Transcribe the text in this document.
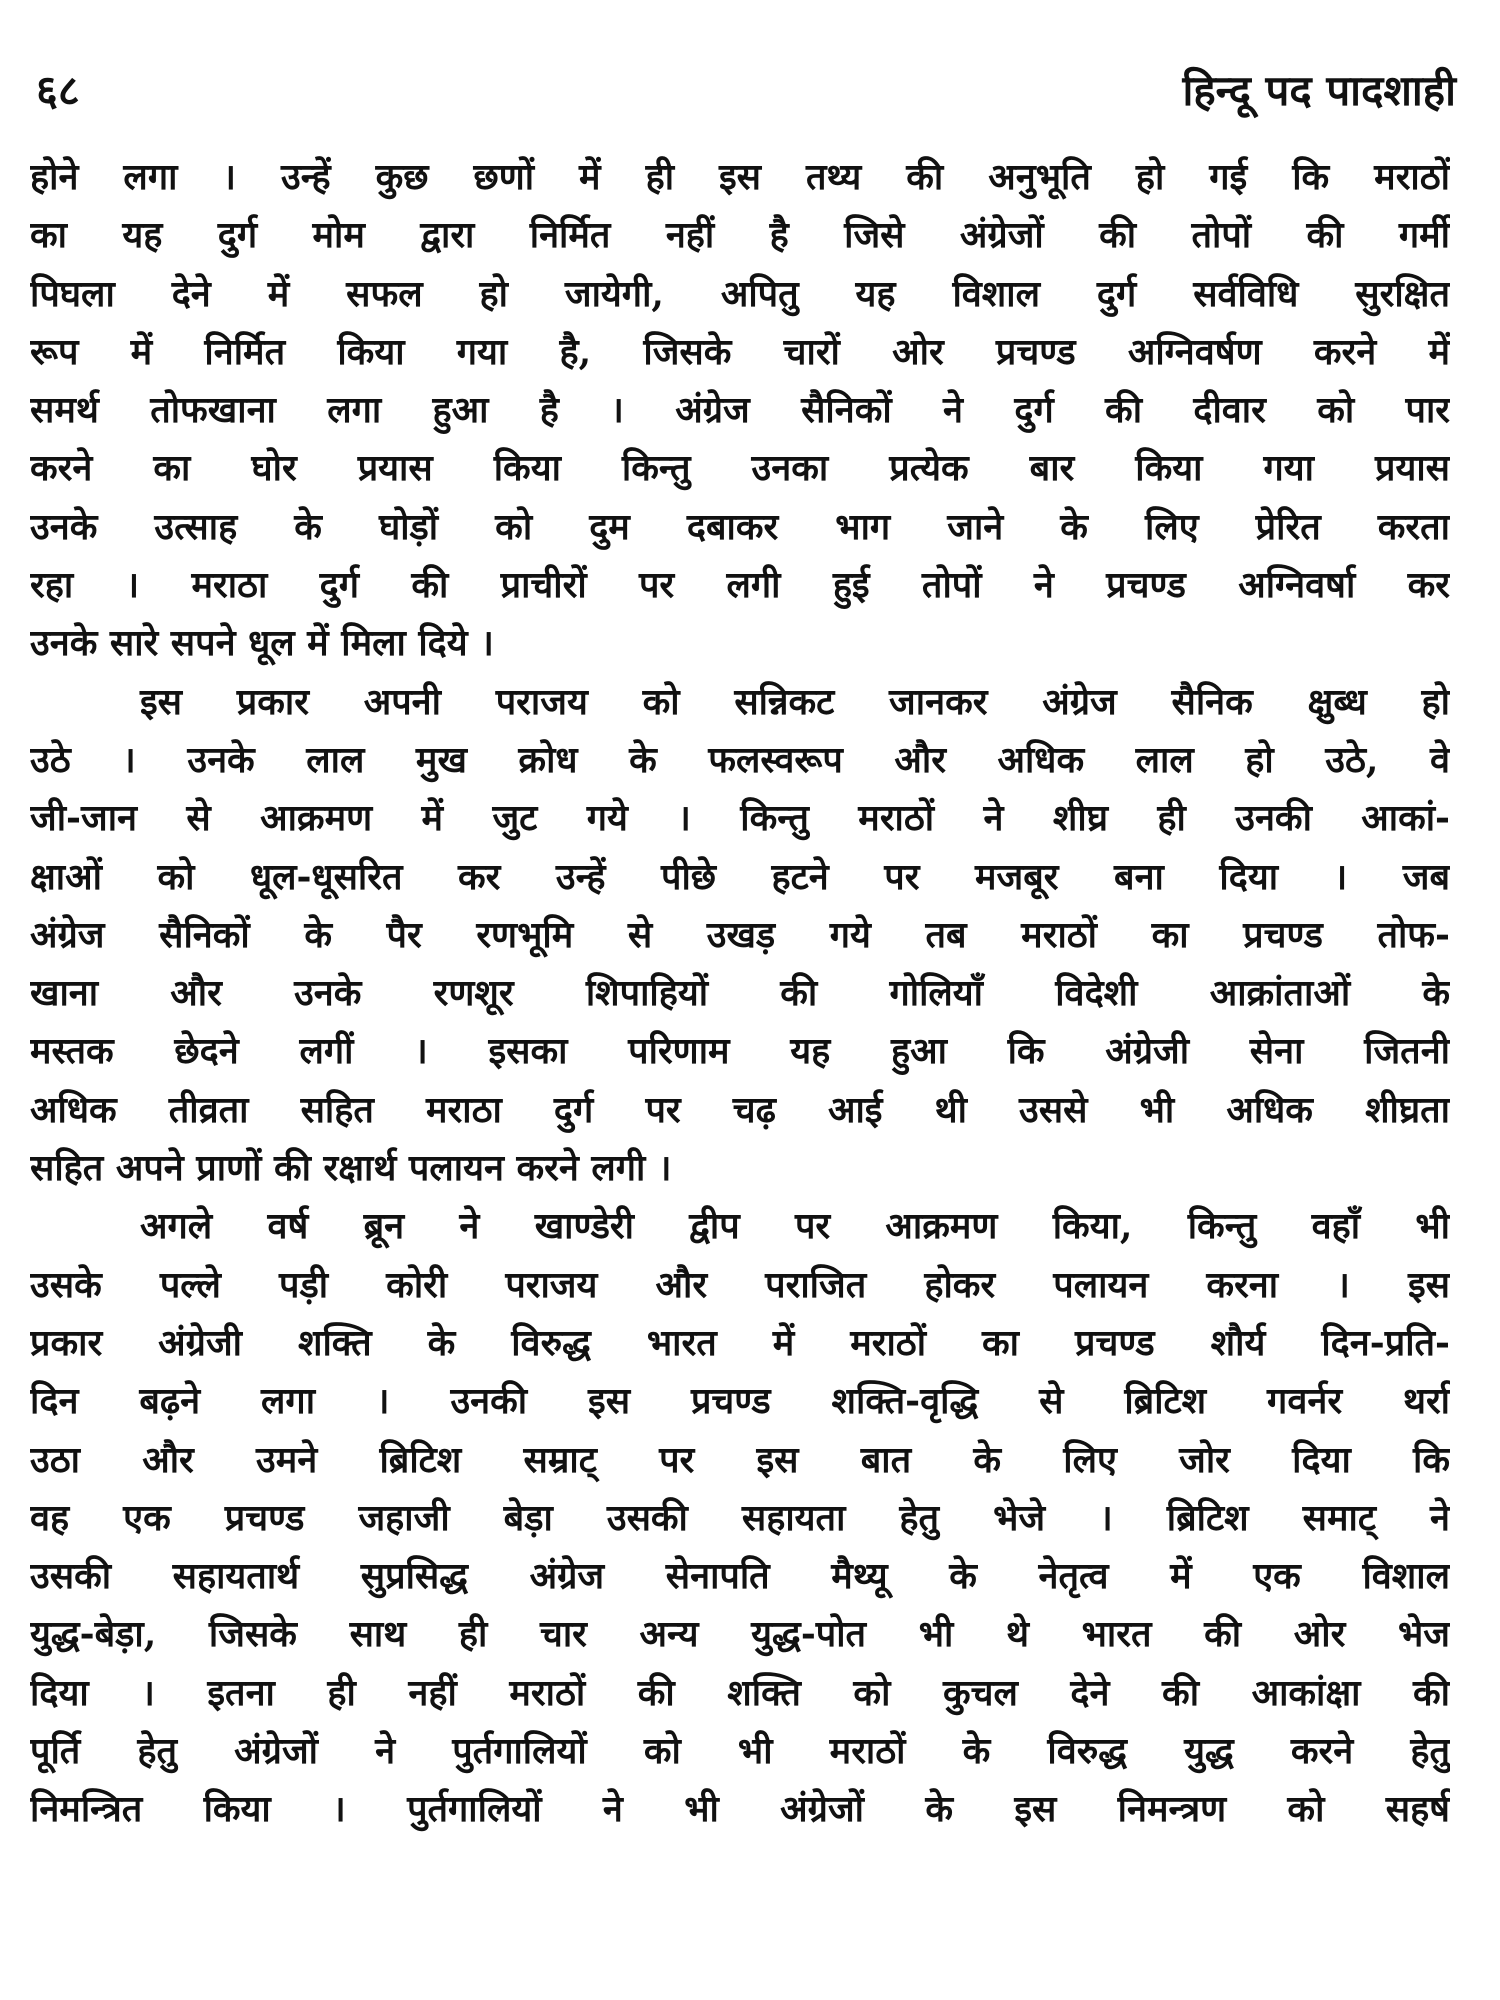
६८	हिन्दू पद पादशाही
होने लगा । उन्हें कुछ छणों में ही इस तथ्य की अनुभूति हो गई कि मराठों
का यह दुर्ग मोम द्वारा निर्मित नहीं है जिसे अंग्रेजों की तोपों की गर्मी
पिघला देने में सफल हो जायेगी, अपितु यह विशाल दुर्ग सर्वविधि सुरक्षित
रूप में निर्मित किया गया है, जिसके चारों ओर प्रचण्ड अग्निवर्षण करने में
समर्थ तोफखाना लगा हुआ है । अंग्रेज सैनिकों ने दुर्ग की दीवार को पार
करने का घोर प्रयास किया किन्तु उनका प्रत्येक बार किया गया प्रयास
उनके उत्साह के घोड़ों को दुम दबाकर भाग जाने के लिए प्रेरित करता
रहा । मराठा दुर्ग की प्राचीरों पर लगी हुई तोपों ने प्रचण्ड अग्निवर्षा कर
उनके सारे सपने धूल में मिला दिये ।
इस प्रकार अपनी पराजय को सन्निकट जानकर अंग्रेज सैनिक क्षुब्ध हो
उठे । उनके लाल मुख क्रोध के फलस्वरूप और अधिक लाल हो उठे, वे
जी-जान से आक्रमण में जुट गये । किन्तु मराठों ने शीघ्र ही उनकी आकां-
क्षाओं को धूल-धूसरित कर उन्हें पीछे हटने पर मजबूर बना दिया । जब
अंग्रेज सैनिकों के पैर रणभूमि से उखड़ गये तब मराठों का प्रचण्ड तोफ-
खाना और उनके रणशूर शिपाहियों की गोलियाँ विदेशी आक्रांताओं के
मस्तक छेदने लगीं । इसका परिणाम यह हुआ कि अंग्रेजी सेना जितनी
अधिक तीव्रता सहित मराठा दुर्ग पर चढ़ आई थी उससे भी अधिक शीघ्रता
सहित अपने प्राणों की रक्षार्थ पलायन करने लगी ।
अगले वर्ष ब्रून ने खाण्डेरी द्वीप पर आक्रमण किया, किन्तु वहाँ भी
उसके पल्ले पड़ी कोरी पराजय और पराजित होकर पलायन करना । इस
प्रकार अंग्रेजी शक्ति के विरुद्ध भारत में मराठों का प्रचण्ड शौर्य दिन-प्रति-
दिन बढ़ने लगा । उनकी इस प्रचण्ड शक्ति-वृद्धि से ब्रिटिश गवर्नर थर्रा
उठा और उमने ब्रिटिश सम्राट् पर इस बात के लिए जोर दिया कि
वह एक प्रचण्ड जहाजी बेड़ा उसकी सहायता हेतु भेजे । ब्रिटिश समाट् ने
उसकी सहायतार्थ सुप्रसिद्ध अंग्रेज सेनापति मैथ्यू के नेतृत्व में एक विशाल
युद्ध-बेड़ा, जिसके साथ ही चार अन्य युद्ध-पोत भी थे भारत की ओर भेज
दिया । इतना ही नहीं मराठों की शक्ति को कुचल देने की आकांक्षा की
पूर्ति हेतु अंग्रेजों ने पुर्तगालियों को भी मराठों के विरुद्ध युद्ध करने हेतु
निमन्त्रित किया । पुर्तगालियों ने भी अंग्रेजों के इस निमन्त्रण को सहर्ष
